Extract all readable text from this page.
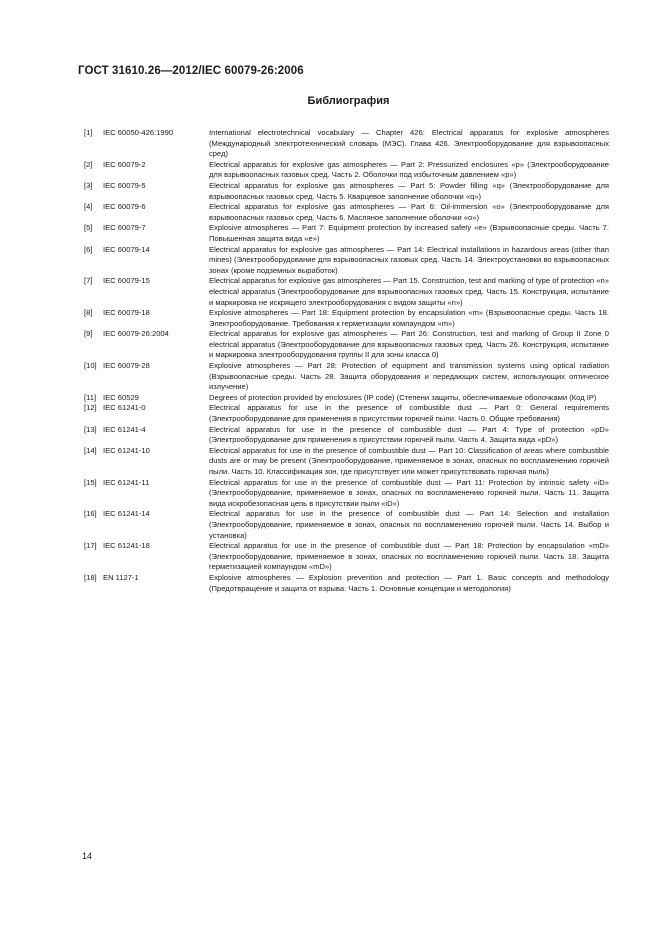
ГОСТ 31610.26—2012/IEC 60079-26:2006
Библиография
[1]	IEC 60050-426:1990	International electrotechnical vocabulary — Chapter 426: Electrical apparatus for explosive atmospheres (Международный электротехнический словарь (МЭС). Глава 426. Электрооборудование для взрывоопасных сред)
[2]	IEC 60079-2	Electrical apparatus for explosive gas atmospheres — Part 2: Pressurized enclosures «p» (Электрооборудование для взрывоопасных газовых сред. Часть 2. Оболочки под избыточным давлением «p»)
[3]	IEC 60079-5	Electrical apparatus for explosive gas atmospheres — Part 5: Powder filling «q» (Электрооборудование для взрывоопасных газовых сред. Часть 5. Кварцевое заполнение оболочки «q»)
[4]	IEC 60079-6	Electrical apparatus for explosive gas atmospheres — Part 6: Oil-immersion «o» (Электрооборудование для взрывоопасных газовых сред. Часть 6. Масляное заполнение оболочки «o»)
[5]	IEC 60079-7	Explosive atmospheres — Part 7: Equipment protection by increased safety «e» (Взрывоопасные среды. Часть 7. Повышенная защита вида «e»)
[6]	IEC 60079-14	Electrical apparatus for explosive gas atmospheres — Part 14: Electrical installations in hazardous areas (other than mines) (Электрооборудование для взрывоопасных газовых сред. Часть 14. Электроустановки во взрывоопасных зонах (кроме подземных выработок)
[7]	IEC 60079-15	Electrical apparatus for explosive gas atmospheres — Part 15. Construction, test and marking of type of protection «n» electrical apparatus (Электрооборудование для взрывоопасных газовых сред. Часть 15. Конструкция, испытание и маркировка не искрящего электрооборудования с видом защиты «n»)
[8]	IEC 60079-18	Explosive atmospheres — Part 18: Equipment protection by encapsulation «m» (Взрывоопасные среды. Часть 18. Электрооборудование. Требования к герметизации компаундом «m»)
[9]	IEC 60079-26:2004	Electrical apparatus for explosive gas atmospheres — Part 26: Construction, test and marking of Group II Zone 0 electrical apparatus (Электрооборудование для взрывоопасных газовых сред. Часть 26. Конструкция, испытание и маркировка электрооборудования группы II для зоны класса 0)
[10] IEC 60079-28	Explosive atmospheres — Part 28: Protection of equipment and transmission systems using optical radiation (Взрывоопасные среды. Часть 28. Защита оборудования и передающих систем, использующих оптическое излучение)
[11] IEC 60529	Degrees of protection provided by enclosures (IP code) (Степени защиты, обеспечиваемые оболочками (Код IP)
[12] IEC 61241-0	Electrical apparatus for use in the presence of combustible dust — Part 0: General requirements (Электрооборудование для применения в присутствии горючей пыли. Часть 0. Общие требования)
[13] IEC 61241-4	Electrical apparatus for use in the presence of combustible dust — Part 4: Type of protection «pD» (Электрооборудование для применения в присутствии горючей пыли. Часть 4. Защита вида «pD»)
[14] IEC 61241-10	Electrical apparatus for use in the presence of combustible dust — Part 10: Classification of areas where combustible dusts are or may be present (Электрооборудование, применяемое в зонах, опасных по воспламенению горючей пыли. Часть 10. Классификация зон, где присутствует или может присутствовать горючая пыль)
[15] IEC 61241-11	Electrical apparatus for use in the presence of combustible dust — Part 11: Protection by intrinsic safety «iD» (Электрооборудование, применяемое в зонах, опасных по воспламенению горючей пыли. Часть 11. Защита вида искробезопасная цепь в присутствии пыли «iD»)
[16] IEC 61241-14	Electrical apparatus for use in the presence of combustible dust — Part 14: Selection and installation (Электрооборудование, применяемое в зонах, опасных по воспламенению горючей пыли. Часть 14. Выбор и установка)
[17] IEC 61241-18	Electrical apparatus for use in the presence of combustible dust — Part 18: Protection by encapsulation «mD» (Электрооборудование, применяемое в зонах, опасных по воспламенению горючей пыли. Часть 18. Защита герметизацией компаундом «mD»)
[18] EN 1127-1	Explosive atmospheres — Explosion prevention and protection — Part 1. Basic concepts and methodology (Предотвращение и защита от взрыва. Часть 1. Основные концепции и методология)
14
